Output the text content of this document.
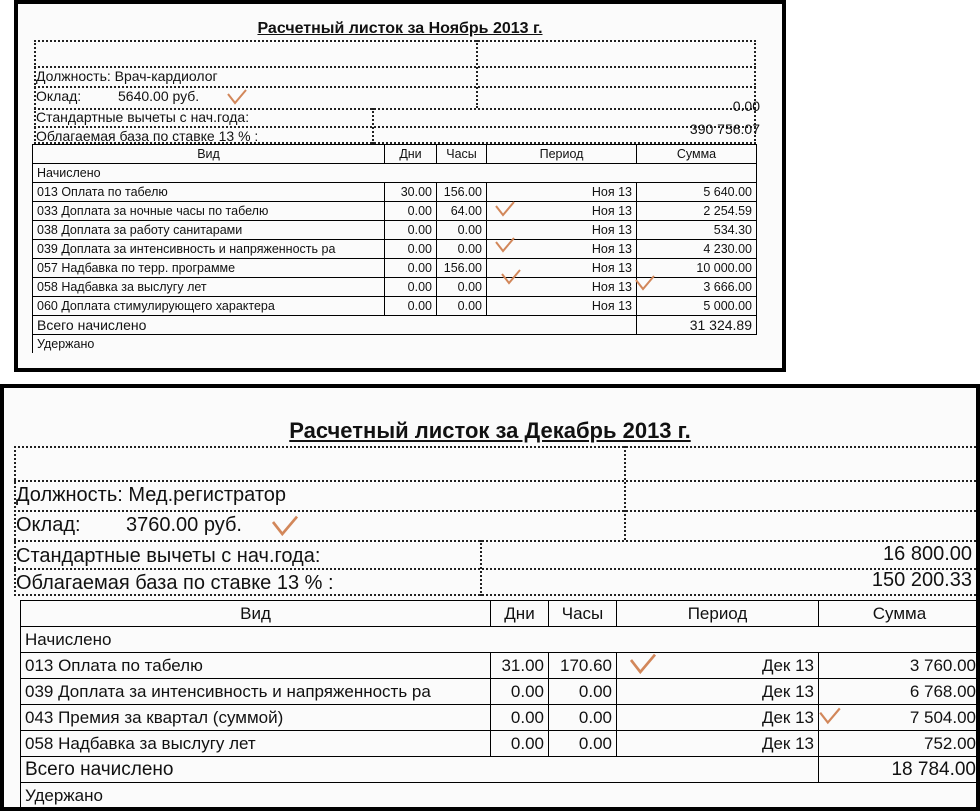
Расчетный листок за Ноябрь 2013 г.
Должность: Врач-кардиолог
Оклад:	5640.00 руб.
Стандартные вычеты с нач.года:
0.00
Облагаемая база по ставке 13 % :	390 756.07
Вид	Дни	Часы	Период	Сумма
Начислено				
013 Оплата по табелю	30.00	156.00	Ноя 13	5 640.00
033 Доплата за ночные часы по табелю	0.00	64.00	Ноя 13	2 254.59
038 Доплата за работу санитарами	0.00	0.00	Ноя 13	534.30
039 Доплата за интенсивность и напряженность ра	0.00	0.00	Ноя 13	4 230.00
057 Надбавка по терр. программе	0.00	156.00	Ноя 13	10 000.00
058 Надбавка за выслугу лет	0.00	0.00	Ноя 13	3 666.00
060 Доплата стимулирующего характера	0.00	0.00	Ноя 13	5 000.00
Всего начислено				31 324.89
Удержано				
Расчетный листок за Декабрь 2013 г.
Должность: Мед.регистратор
Оклад: 3760.00 руб.
Стандартные вычеты с нач.года:	16 800.00
Облагаемая база по ставке 13 % :	150 200.33
Вид	Дни	Часы	Период	Сумма
Начислено				
013 Оплата по табелю	31.00	170.60	Дек 13	3 760.00
039 Доплата за интенсивность и напряженность ра	0.00	0.00	Дек 13	6 768.00
043 Премия за квартал (суммой)	0.00	0.00	Дек 13	7 504.00
058 Надбавка за выслугу лет	0.00	0.00	Дек 13	752.00
Всего начислено				18 784.00
Удержано				
